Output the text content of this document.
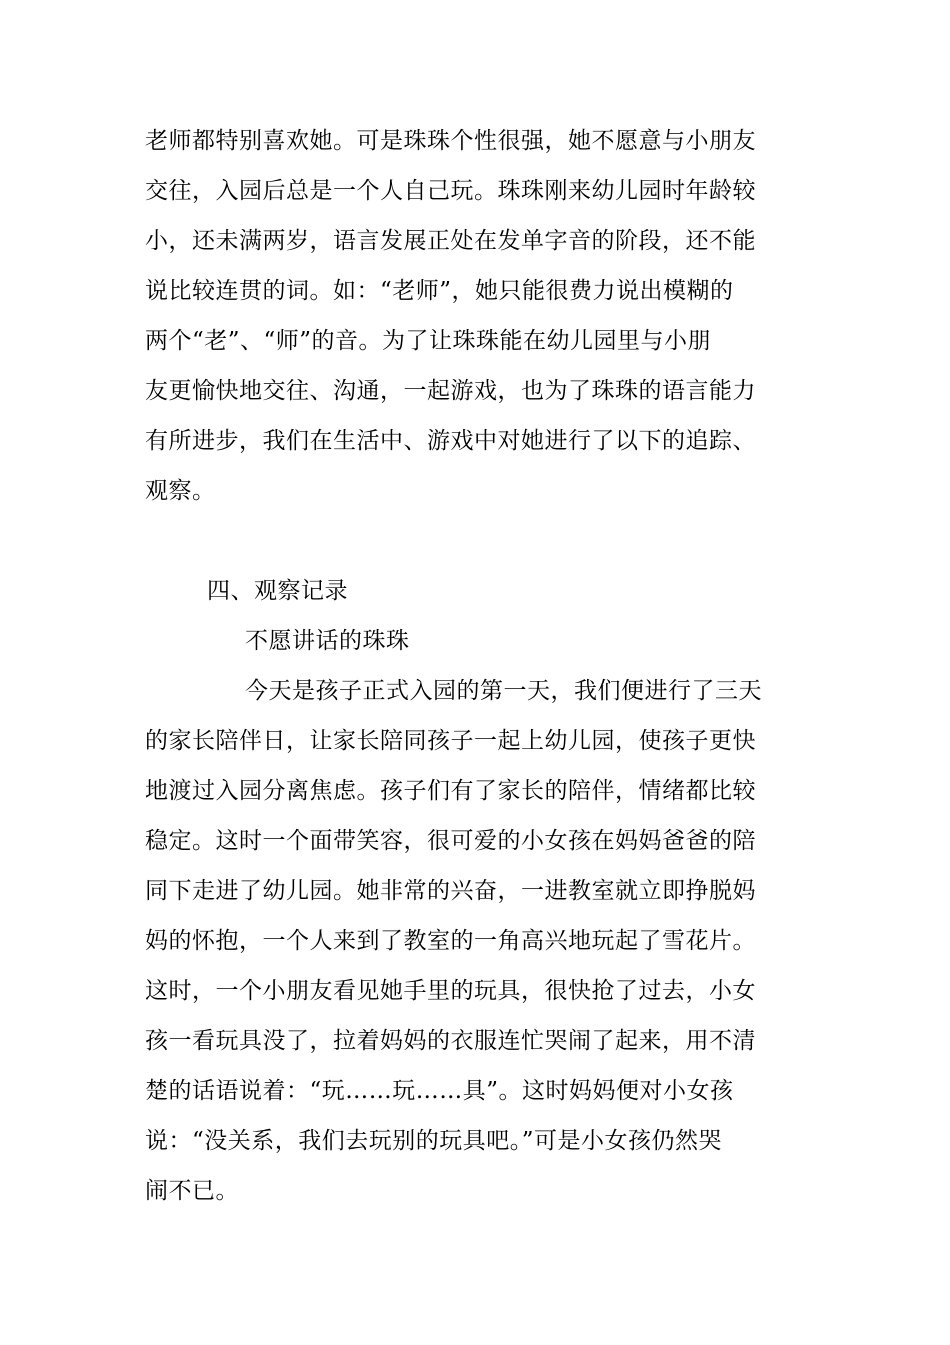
老师都特别喜欢她。可是珠珠个性很强，她不愿意与小朋友
交往，入园后总是一个人自己玩。珠珠刚来幼儿园时年龄较
小，还未满两岁，语言发展正处在发单字音的阶段，还不能
说比较连贯的词。如：“老师”，她只能很费力说出模糊的
两个“老”、“师”的音。为了让珠珠能在幼儿园里与小朋
友更愉快地交往、沟通，一起游戏，也为了珠珠的语言能力
有所进步，我们在生活中、游戏中对她进行了以下的追踪、
观察。
四、观察记录
不愿讲话的珠珠
今天是孩子正式入园的第一天，我们便进行了三天
的家长陪伴日，让家长陪同孩子一起上幼儿园，使孩子更快
地渡过入园分离焦虑。孩子们有了家长的陪伴，情绪都比较
稳定。这时一个面带笑容，很可爱的小女孩在妈妈爸爸的陪
同下走进了幼儿园。她非常的兴奋，一进教室就立即挣脱妈
妈的怀抱，一个人来到了教室的一角高兴地玩起了雪花片。
这时，一个小朋友看见她手里的玩具，很快抢了过去，小女
孩一看玩具没了，拉着妈妈的衣服连忙哭闹了起来，用不清
楚的话语说着：“玩……玩……具”。这时妈妈便对小女孩
说：“没关系，我们去玩别的玩具吧。”可是小女孩仍然哭
闹不已。
